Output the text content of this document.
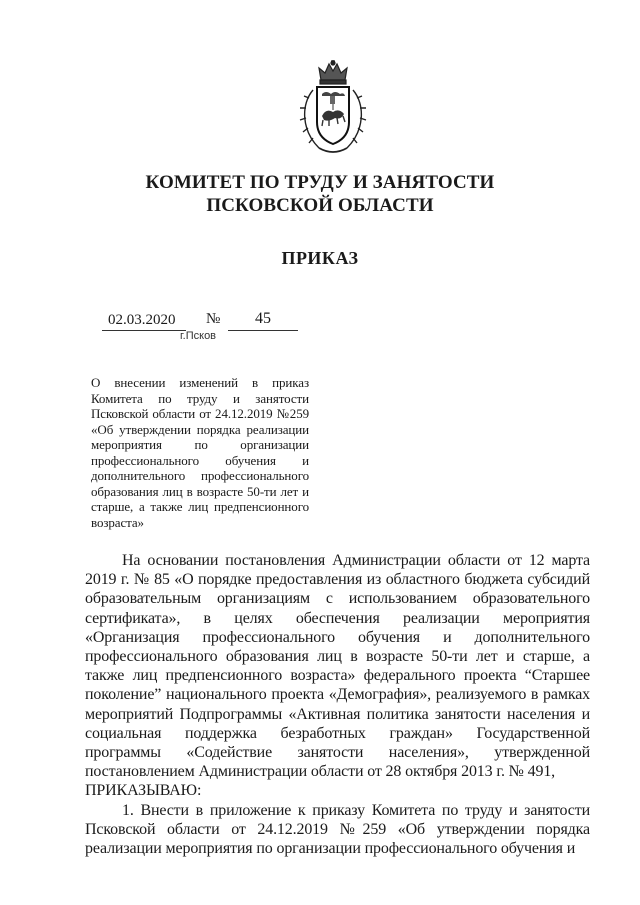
КОМИТЕТ ПО ТРУДУ И ЗАНЯТОСТИ
ПСКОВСКОЙ ОБЛАСТИ
ПРИКАЗ
02.03.2020 № 45
г.Псков
О внесении изменений в приказ Комитета по труду и занятости Псковской области от 24.12.2019 №259 «Об утверждении порядка реализации мероприятия по организации профессионального обучения и дополнительного профессионального образования лиц в возрасте 50-ти лет и старше, а также лиц предпенсионного возраста»

На основании постановления Администрации области от 12 марта 2019 г. № 85 «О порядке предоставления из областного бюджета субсидий образовательным организациям с использованием образовательного сертификата», в целях обеспечения реализации мероприятия «Организация профессионального обучения и дополнительного профессионального образования лиц в возрасте 50-ти лет и старше, а также лиц предпенсионного возраста» федерального проекта “Старшее поколение” национального проекта «Демография», реализуемого в рамках мероприятий Подпрограммы «Активная политика занятости населения и социальная поддержка безработных граждан» Государственной программы «Содействие занятости населения», утвержденной постановлением Администрации области от 28 октября 2013 г. № 491,

ПРИКАЗЫВАЮ:

1. Внести в приложение к приказу Комитета по труду и занятости Псковской области от 24.12.2019 №259 «Об утверждении порядка реализации мероприятия по организации профессионального обучения и
